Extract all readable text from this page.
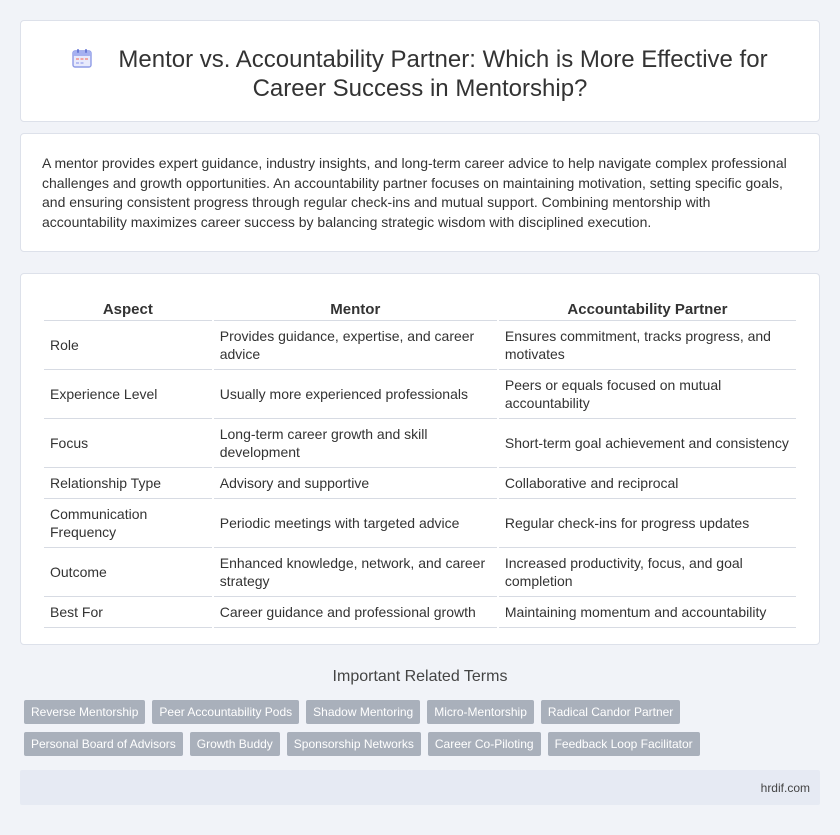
Mentor vs. Accountability Partner: Which is More Effective for
Career Success in Mentorship?

A mentor provides expert guidance, industry insights, and long-term career advice to help navigate complex professional challenges and growth opportunities. An accountability partner focuses on maintaining motivation, setting specific goals, and ensuring consistent progress through regular check-ins and mutual support. Combining mentorship with accountability maximizes career success by balancing strategic wisdom with disciplined execution.

Aspect	Mentor	Accountability Partner
Role	Provides guidance, expertise, and career advice	Ensures commitment, tracks progress, and motivates
Experience Level	Usually more experienced professionals	Peers or equals focused on mutual accountability
Focus	Long-term career growth and skill development	Short-term goal achievement and consistency
Relationship Type	Advisory and supportive	Collaborative and reciprocal
Communication Frequency	Periodic meetings with targeted advice	Regular check-ins for progress updates
Outcome	Enhanced knowledge, network, and career strategy	Increased productivity, focus, and goal completion
Best For	Career guidance and professional growth	Maintaining momentum and accountability
Important Related Terms
Reverse Mentorship	Peer Accountability Pods	Shadow Mentoring	Micro-Mentorship	Radical Candor Partner
Personal Board of Advisors	Growth Buddy	Sponsorship Networks	Career Co-Piloting	Feedback Loop Facilitator
hrdif.com
